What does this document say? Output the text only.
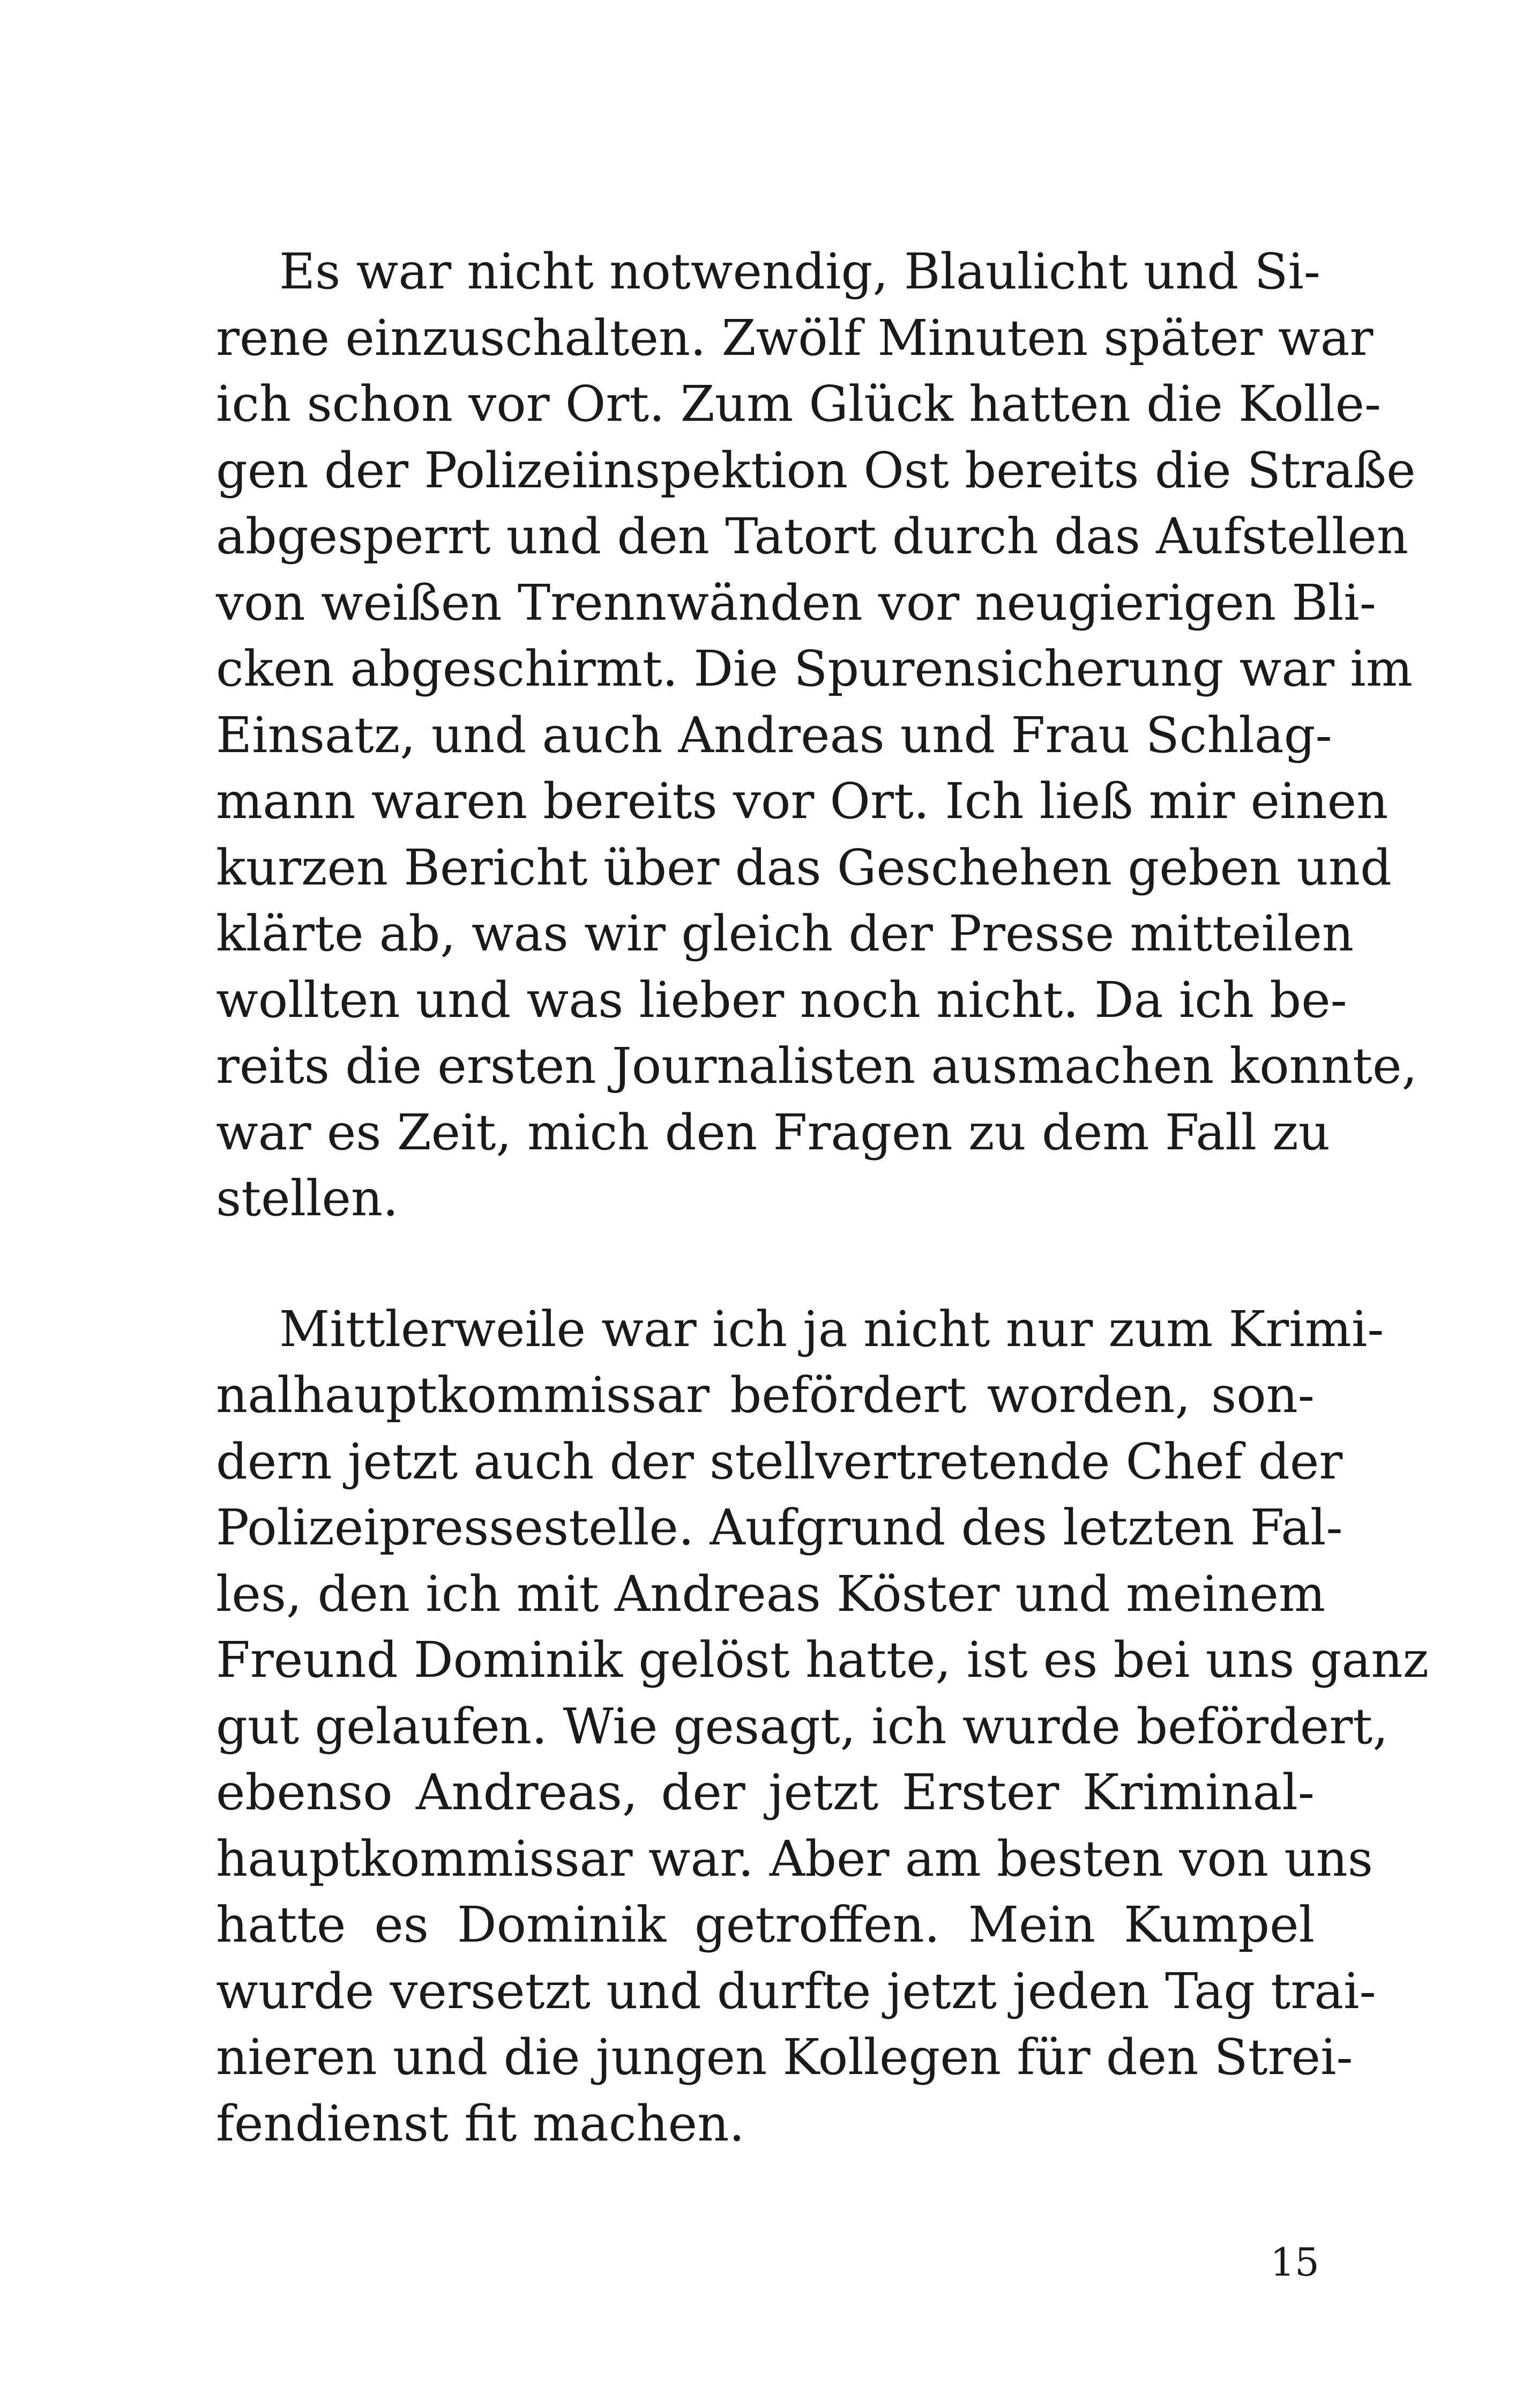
Es war nicht notwendig, Blaulicht und Si-
rene einzuschalten. Zwölf Minuten später war
ich schon vor Ort. Zum Glück hatten die Kolle-
gen der Polizeiinspektion Ost bereits die Straße
abgesperrt und den Tatort durch das Aufstellen
von weißen Trennwänden vor neugierigen Bli-
cken abgeschirmt. Die Spurensicherung war im
Einsatz, und auch Andreas und Frau Schlag-
mann waren bereits vor Ort. Ich ließ mir einen
kurzen Bericht über das Geschehen geben und
klärte ab, was wir gleich der Presse mitteilen
wollten und was lieber noch nicht. Da ich be-
reits die ersten Journalisten ausmachen konnte,
war es Zeit, mich den Fragen zu dem Fall zu
stellen.
Mittlerweile war ich ja nicht nur zum Krimi-
nalhauptkommissar befördert worden, son-
dern jetzt auch der stellvertretende Chef der
Polizeipressestelle. Aufgrund des letzten Fal-
les, den ich mit Andreas Köster und meinem
Freund Dominik gelöst hatte, ist es bei uns ganz
gut gelaufen. Wie gesagt, ich wurde befördert,
ebenso Andreas, der jetzt Erster Kriminal-
hauptkommissar war. Aber am besten von uns
hatte es Dominik getroffen. Mein Kumpel
wurde versetzt und durfte jetzt jeden Tag trai-
nieren und die jungen Kollegen für den Strei-
fendienst fit machen.
15
